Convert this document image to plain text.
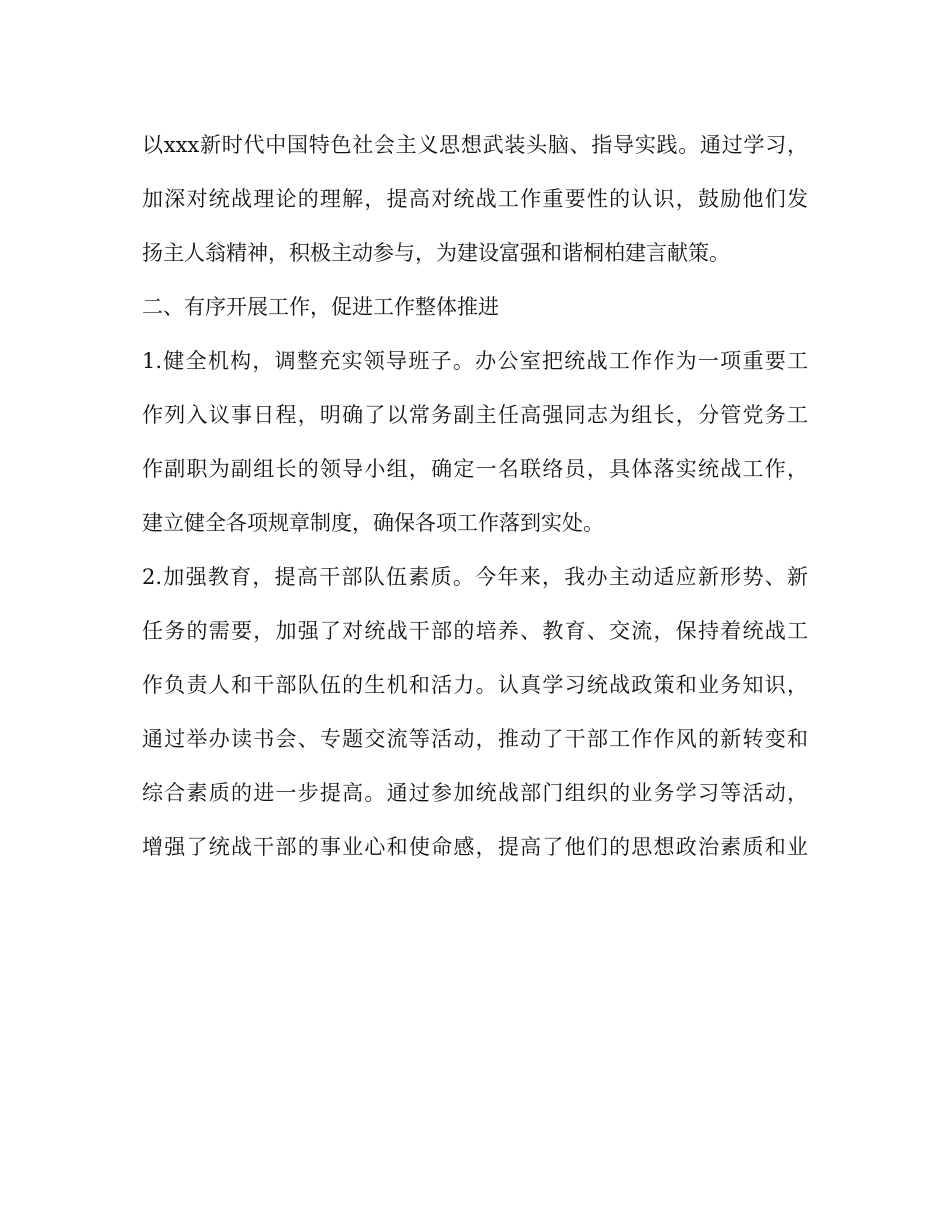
以xxx新时代中国特色社会主义思想武装头脑、指导实践。通过学习，
加深对统战理论的理解，提高对统战工作重要性的认识，鼓励他们发
扬主人翁精神，积极主动参与，为建设富强和谐桐柏建言献策。
二、有序开展工作，促进工作整体推进
1.健全机构，调整充实领导班子。办公室把统战工作作为一项重要工
作列入议事日程，明确了以常务副主任高强同志为组长，分管党务工
作副职为副组长的领导小组，确定一名联络员，具体落实统战工作，
建立健全各项规章制度，确保各项工作落到实处。
2.加强教育，提高干部队伍素质。今年来，我办主动适应新形势、新
任务的需要，加强了对统战干部的培养、教育、交流，保持着统战工
作负责人和干部队伍的生机和活力。认真学习统战政策和业务知识，
通过举办读书会、专题交流等活动，推动了干部工作作风的新转变和
综合素质的进一步提高。通过参加统战部门组织的业务学习等活动，
增强了统战干部的事业心和使命感，提高了他们的思想政治素质和业
